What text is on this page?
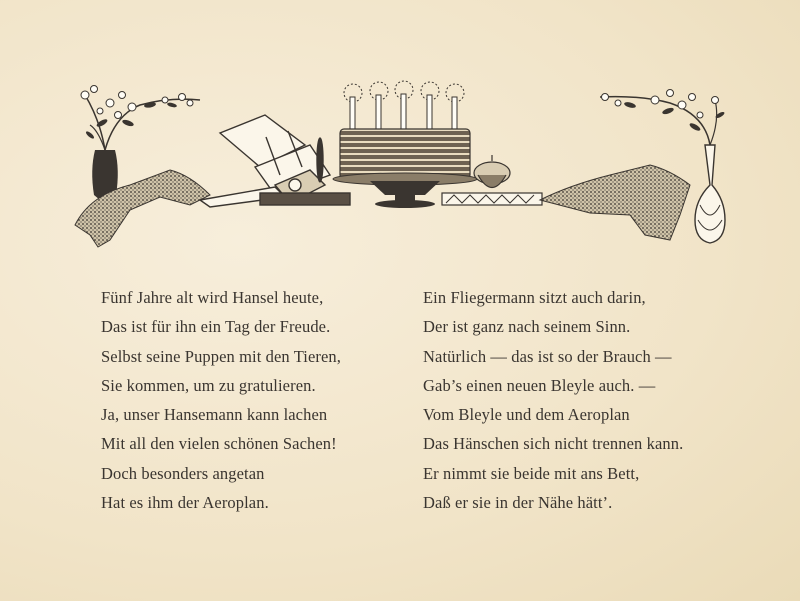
Fünf Jahre alt wird Hansel heute,
Das ist für ihn ein Tag der Freude.
Selbst seine Puppen mit den Tieren,
Sie kommen, um zu gratulieren.
Ja, unser Hansemann kann lachen
Mit all den vielen schönen Sachen!
Doch besonders angetan
Hat es ihm der Aeroplan.
Ein Fliegermann sitzt auch darin,
Der ist ganz nach seinem Sinn.
Natürlich — das ist so der Brauch —
Gab’s einen neuen Bleyle auch. —
Vom Bleyle und dem Aeroplan
Das Hänschen sich nicht trennen kann.
Er nimmt sie beide mit ans Bett,
Daß er sie in der Nähe hätt’.
